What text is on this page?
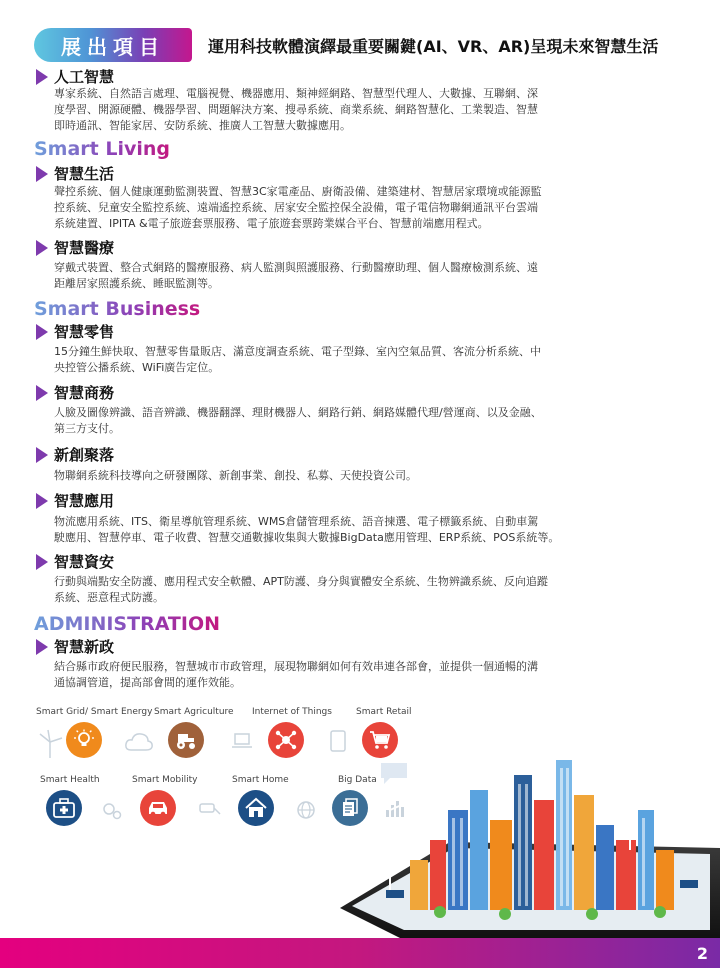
展出項目	運用科技軟體演繹最重要關鍵(AI、VR、AR)呈現未來智慧生活
人工智慧
專家系統、自然語言處理、電腦視覺、機器應用、類神經網路、智慧型代理人、大數據、互聯網、深
度學習、開源硬體、機器學習、問題解決方案、搜尋系統、商業系統、網路智慧化、工業製造、智慧
即時通訊、智能家居、安防系統、推廣人工智慧大數據應用。
Smart Living
智慧生活
聲控系統、個人健康運動監測裝置、智慧3C家電產品、廚衛設備、建築建材、智慧居家環境或能源監
控系統、兒童安全監控系統、遠端遙控系統、居家安全監控保全設備，電子電信物聯網通訊平台雲端
系統建置、IPITA &電子旅遊套票服務、電子旅遊套票跨業媒合平台、智慧前端應用程式。
智慧醫療
穿戴式裝置、整合式網路的醫療服務、病人監測與照護服務、行動醫療助理、個人醫療檢測系統、遠
距離居家照護系統、睡眠監測等。
Smart Business
智慧零售
15分鐘生鮮快取、智慧零售量販店、滿意度調查系統、電子型錄、室內空氣品質、客流分析系統、中
央控管公播系統、WiFi廣告定位。
智慧商務
人臉及圖像辨識、語音辨識、機器翻譯、理財機器人、網路行銷、網路媒體代理/營運商、以及金融、
第三方支付。
新創聚落
物聯網系統科技導向之研發團隊、新創事業、創投、私募、天使投資公司。
智慧應用
物流應用系統、ITS、衛星導航管理系統、WMS倉儲管理系統、語音揀選、電子標籤系統、自動車駕
駛應用、智慧停車、電子收費、智慧交通數據收集與大數據BigData應用管理、ERP系統、POS系統等。
智慧資安
行動與端點安全防護、應用程式安全軟體、APT防護、身分與實體安全系統、生物辨識系統、反向追蹤
系統、惡意程式防護。
ADMINISTRATION
智慧新政
結合縣市政府便民服務，智慧城市市政管理，展現物聯網如何有效串連各部會，並提供一個通暢的溝
通協調管道，提高部會間的運作效能。
Smart Grid/ Smart Energy Smart Agriculture Internet of Things	Smart Retail
Smart Health	Smart Mobility	Smart Home	Big Data
2
